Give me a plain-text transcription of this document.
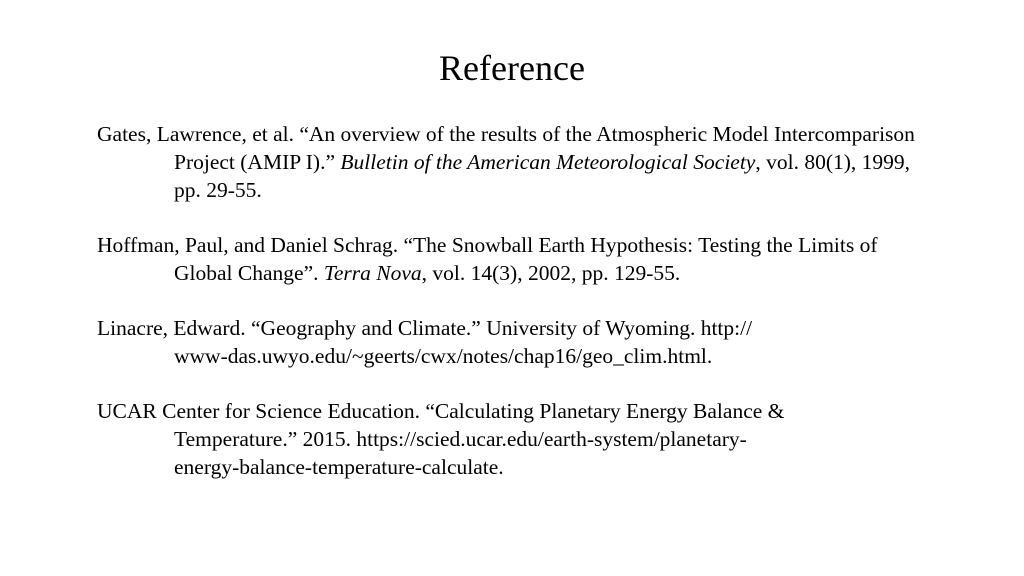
Reference

Gates, Lawrence, et al. “An overview of the results of the Atmospheric Model Intercomparison Project (AMIP I).” Bulletin of the American Meteorological Society, vol. 80(1), 1999, pp. 29-55.

Hoffman, Paul, and Daniel Schrag. “The Snowball Earth Hypothesis: Testing the Limits of Global Change”. Terra Nova, vol. 14(3), 2002, pp. 129-55.

Linacre, Edward. “Geography and Climate.” University of Wyoming. http://
www-das.uwyo.edu/~geerts/cwx/notes/chap16/geo_clim.html.

UCAR Center for Science Education. “Calculating Planetary Energy Balance &
Temperature.” 2015. https://scied.ucar.edu/earth-system/planetary-
energy-balance-temperature-calculate.
